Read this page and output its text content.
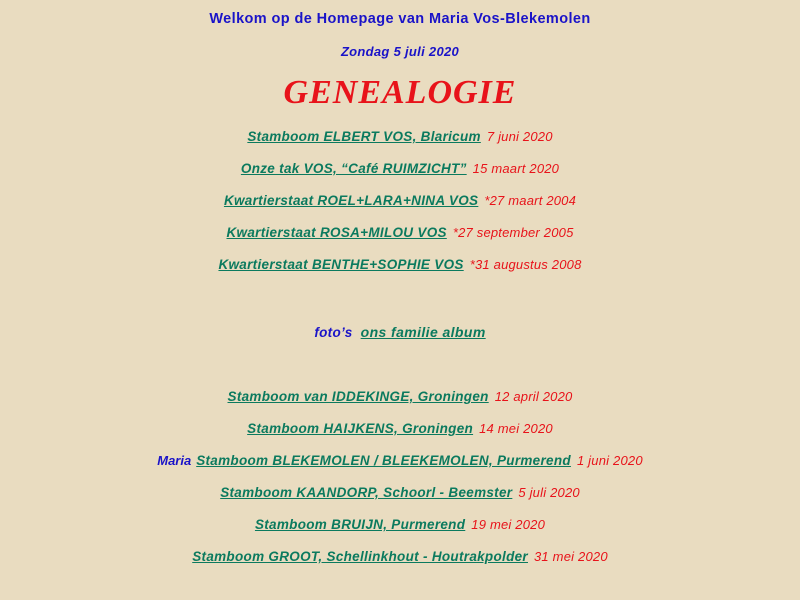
Welkom op de Homepage van Maria Vos-Blekemolen
Zondag 5 juli 2020
GENEALOGIE
Stamboom ELBERT VOS, Blaricum 7 juni 2020
Onze tak VOS, “Café RUIMZICHT” 15 maart 2020
Kwartierstaat ROEL+LARA+NINA VOS *27 maart 2004
Kwartierstaat ROSA+MILOU VOS *27 september 2005
Kwartierstaat BENTHE+SOPHIE VOS *31 augustus 2008
foto’s ons familie album
Stamboom van IDDEKINGE, Groningen 12 april 2020
Stamboom HAIJKENS, Groningen 14 mei 2020
Maria Stamboom BLEKEMOLEN / BLEEKEMOLEN, Purmerend 1 juni 2020
Stamboom KAANDORP, Schoorl - Beemster 5 juli 2020
Stamboom BRUIJN, Purmerend 19 mei 2020
Stamboom GROOT, Schellinkhout - Houtrakpolder 31 mei 2020
